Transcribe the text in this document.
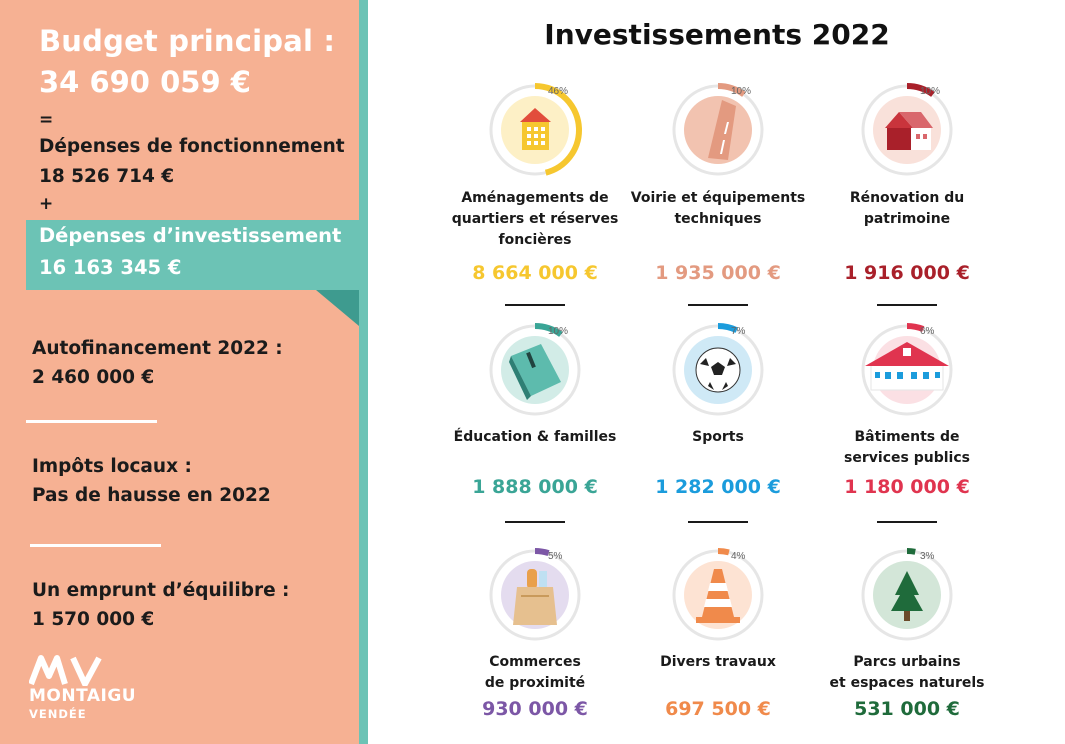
Budget principal :
34 690 059 €
=
Dépenses de fonctionnement
18 526 714 €
+
Dépenses d’investissement
16 163 345 €
Autofinancement 2022 :
2 460 000 €
Impôts locaux :
Pas de hausse en 2022
Un emprunt d’équilibre :
1 570 000 €
MONTAIGU
VENDÉE
Investissements 2022
46%
Aménagements de
quartiers et réserves
foncières
8 664 000 €
10%
Voirie et équipements
techniques
1 935 000 €
10%
Rénovation du
patrimoine
1 916 000 €
10%
Éducation & familles
1 888 000 €
7%
Sports
1 282 000 €
6%
Bâtiments de
services publics
1 180 000 €
5%
Commerces
de proximité
930 000 €
4%
Divers travaux
697 500 €
3%
Parcs urbains
et espaces naturels
531 000 €
